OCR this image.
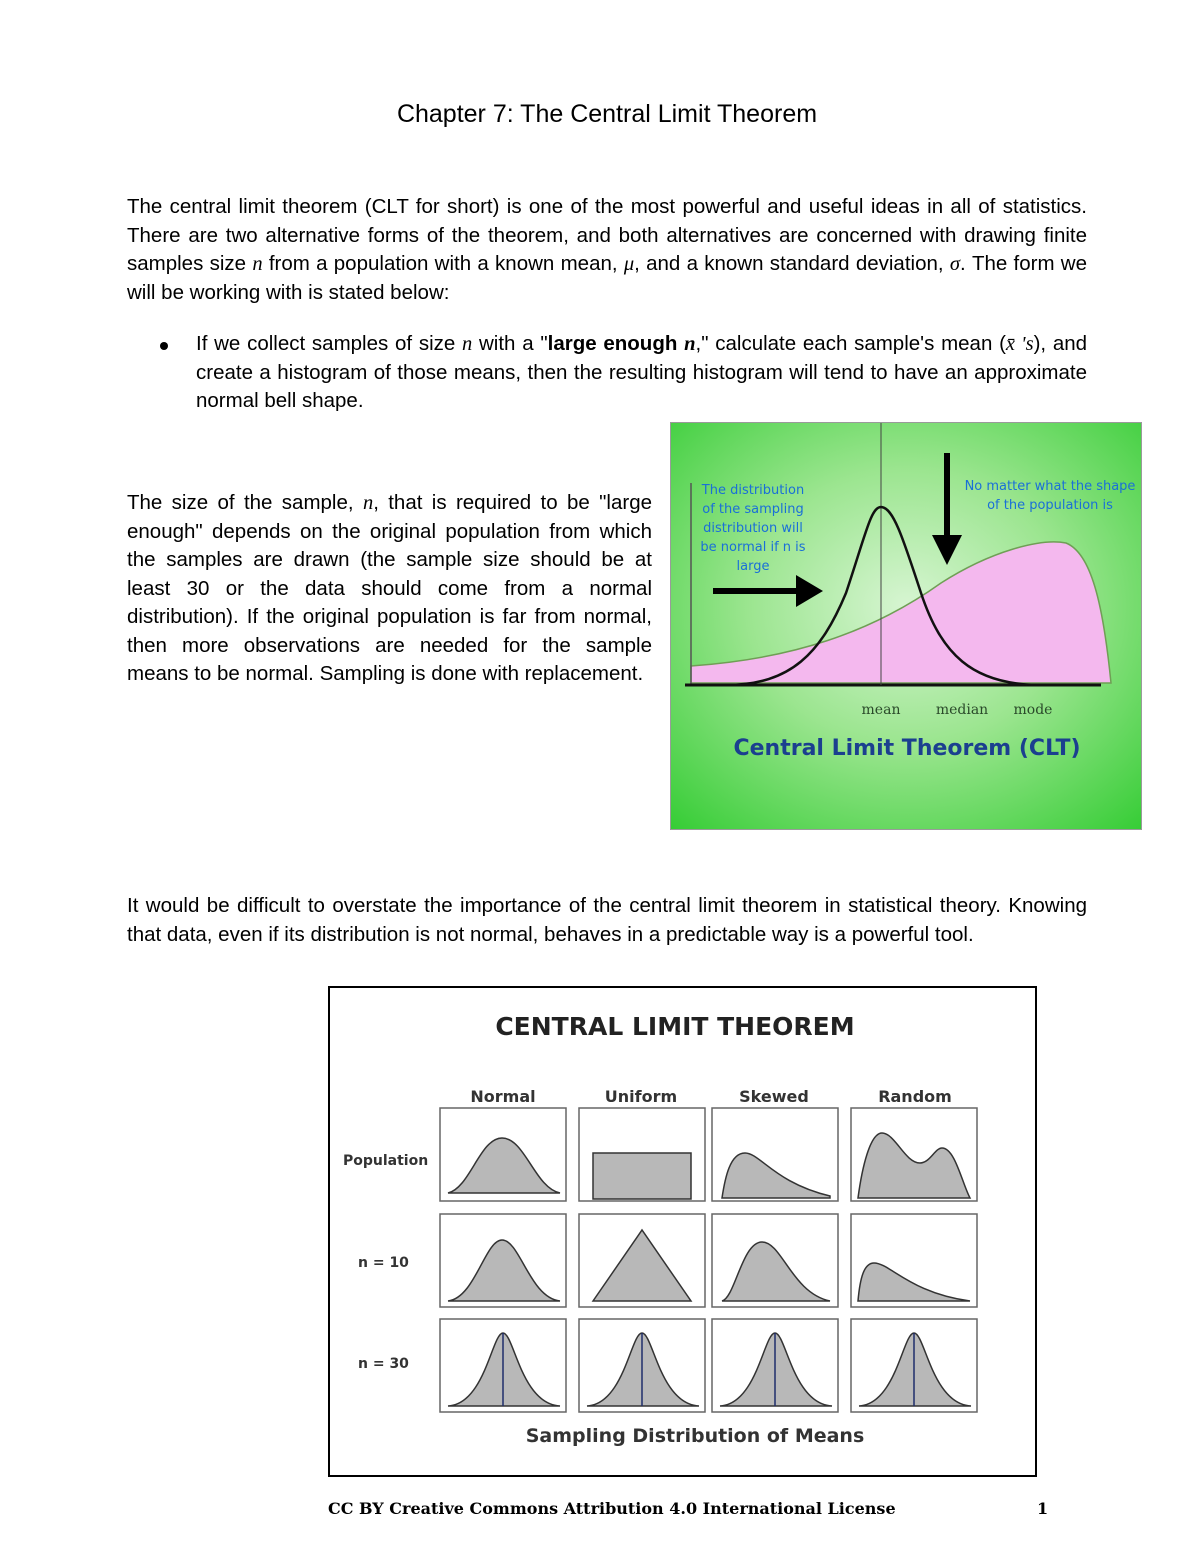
Chapter 7: The Central Limit Theorem
The central limit theorem (CLT for short) is one of the most powerful and useful ideas in all of statistics. There are two alternative forms of the theorem, and both alternatives are concerned with drawing finite samples size n from a population with a known mean, μ, and a known standard deviation, σ. The form we will be working with is stated below:
If we collect samples of size n with a "large enough n," calculate each sample's mean (x̄ 's), and create a histogram of those means, then the resulting histogram will tend to have an approximate normal bell shape.
The size of the sample, n, that is required to be "large enough" depends on the original population from which the samples are drawn (the sample size should be at least 30 or the data should come from a normal distribution). If the original population is far from normal, then more observations are needed for the sample means to be normal. Sampling is done with replacement.
The distribution
of the sampling
distribution will
be normal if n is
large
No matter what the shape
of the population is
mean	median mode
Central Limit Theorem (CLT)
It would be difficult to overstate the importance of the central limit theorem in statistical theory. Knowing that data, even if its distribution is not normal, behaves in a predictable way is a powerful tool.
CENTRAL LIMIT THEOREM
Normal	Uniform	Skewed	Random
Population
n = 10
n = 30
Sampling Distribution of Means
CC BY Creative Commons Attribution 4.0 International License	1
